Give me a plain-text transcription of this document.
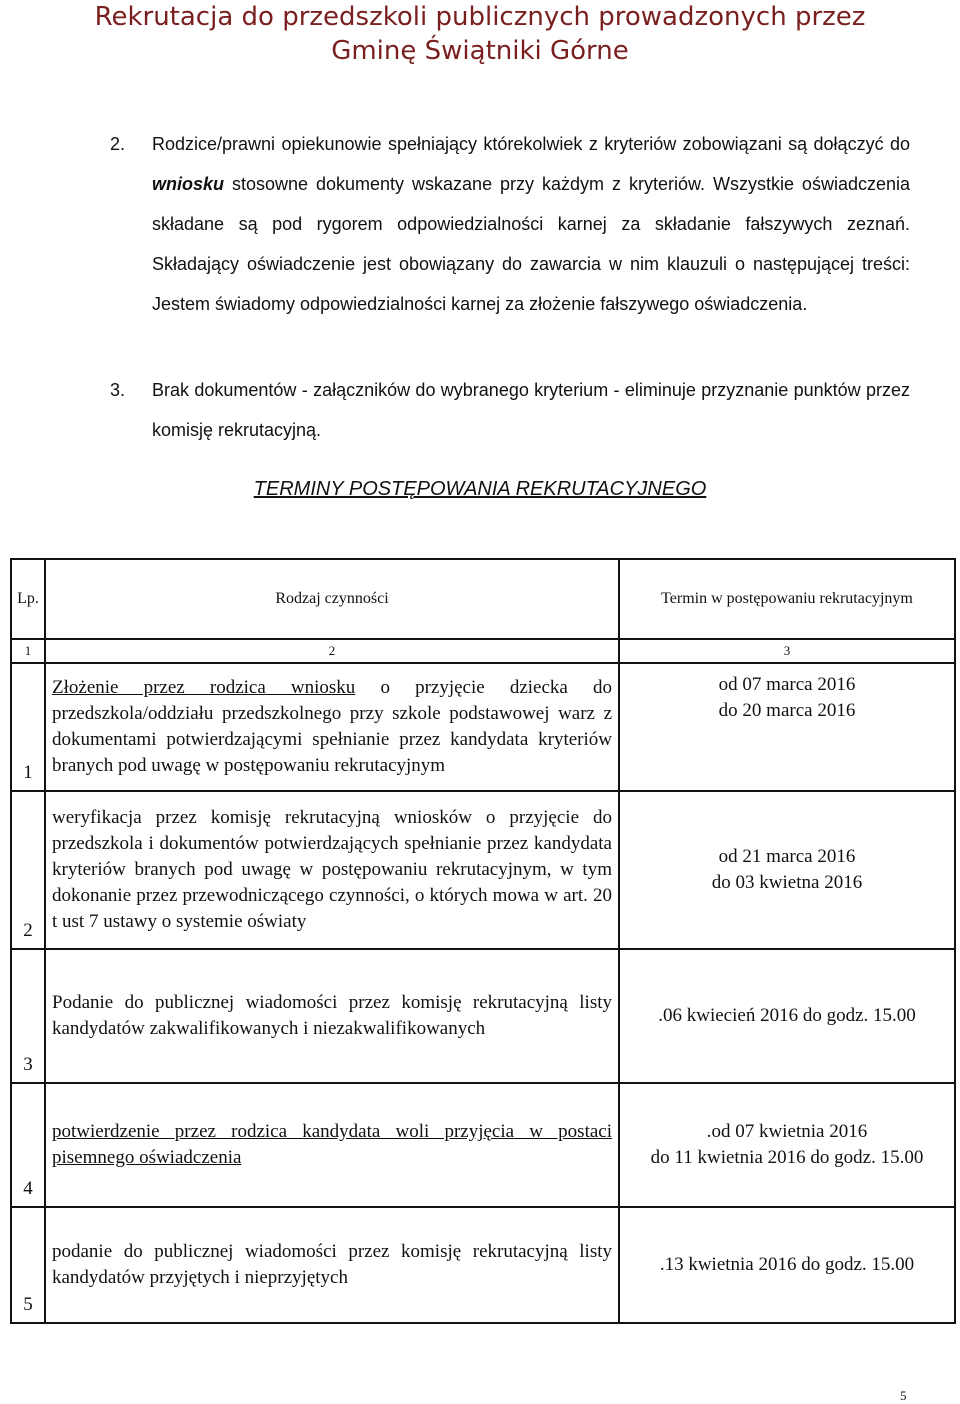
Rekrutacja do przedszkoli publicznych prowadzonych przez
Gminę Świątniki Górne
2. Rodzice/prawni opiekunowie spełniający którekolwiek z kryteriów zobowiązani są dołączyć do wniosku stosowne dokumenty wskazane przy każdym z kryteriów. Wszystkie oświadczenia składane są pod rygorem odpowiedzialności karnej za składanie fałszywych zeznań. Składający oświadczenie jest obowiązany do zawarcia w nim klauzuli o następującej treści: Jestem świadomy odpowiedzialności karnej za złożenie fałszywego oświadczenia.
3. Brak dokumentów - załączników do wybranego kryterium - eliminuje przyznanie punktów przez komisję rekrutacyjną.
TERMINY POSTĘPOWANIA REKRUTACYJNEGO
Lp.	Rodzaj czynności	Termin w postępowaniu rekrutacyjnym
1	2	3
1	Złożenie przez rodzica wniosku o przyjęcie dziecka do przedszkola/oddziału przedszkolnego przy szkole podstawowej warz z dokumentami potwierdzającymi spełnianie przez kandydata kryteriów branych pod uwagę w postępowaniu rekrutacyjnym	od 07 marca 2016
do 20 marca 2016

2	weryfikacja przez komisję rekrutacyjną wniosków o przyjęcie do przedszkola i dokumentów potwierdzających spełnianie przez kandydata kryteriów branych pod uwagę w postępowaniu rekrutacyjnym, w tym dokonanie przez przewodniczącego czynności, o których mowa w art. 20 t ust 7 ustawy o systemie oświaty	od 21 marca 2016
do 03 kwietna 2016

3	Podanie do publicznej wiadomości przez komisję rekrutacyjną listy kandydatów zakwalifikowanych i niezakwalifikowanych	.06 kwiecień 2016 do godz. 15.00

4	potwierdzenie przez rodzica kandydata woli przyjęcia w postaci pisemnego oświadczenia	.od 07 kwietnia 2016
do 11 kwietnia 2016 do godz. 15.00

5	podanie do publicznej wiadomości przez komisję rekrutacyjną listy kandydatów przyjętych i nieprzyjętych	.13 kwietnia 2016 do godz. 15.00
5
